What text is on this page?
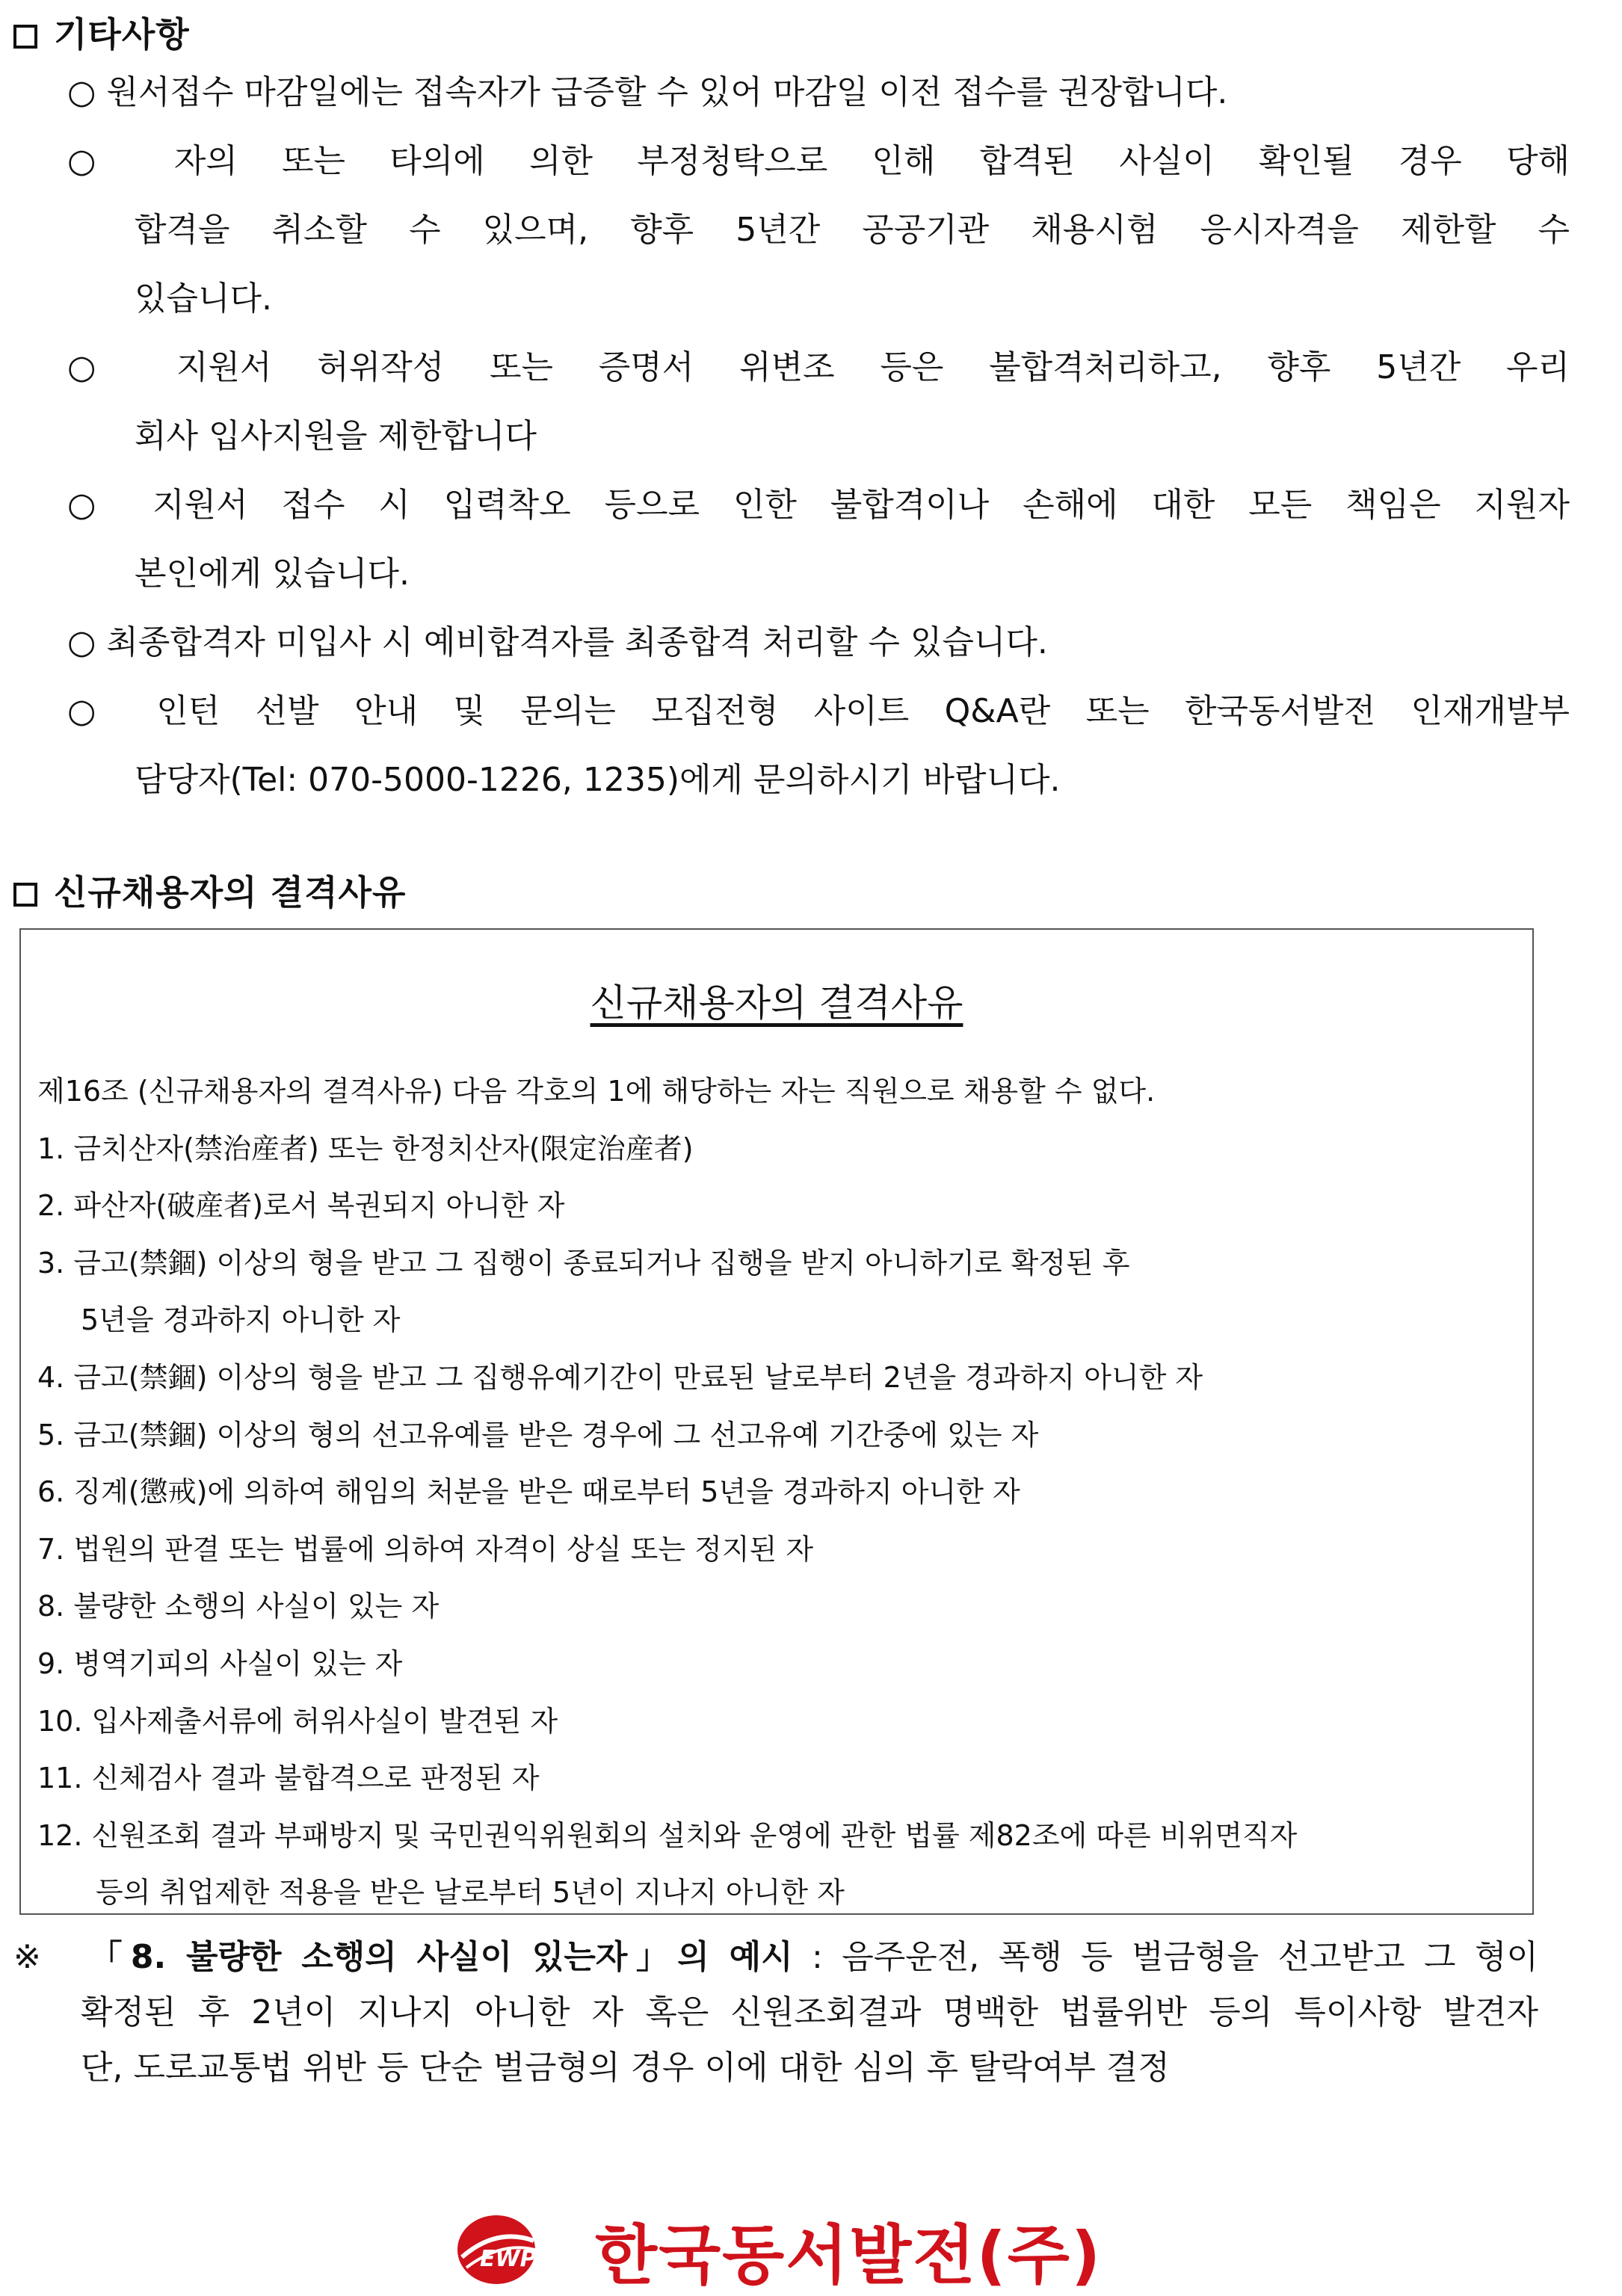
기타사항
○ 원서접수 마감일에는 접속자가 급증할 수 있어 마감일 이전 접수를 권장합니다.
○ 자의 또는 타의에 의한 부정청탁으로 인해 합격된 사실이 확인될 경우 당해
합격을 취소할 수 있으며, 향후 5년간 공공기관 채용시험 응시자격을 제한할 수
있습니다.
○ 지원서 허위작성 또는 증명서 위변조 등은 불합격처리하고, 향후 5년간 우리
회사 입사지원을 제한합니다
○ 지원서 접수 시 입력착오 등으로 인한 불합격이나 손해에 대한 모든 책임은 지원자
본인에게 있습니다.
○ 최종합격자 미입사 시 예비합격자를 최종합격 처리할 수 있습니다.
○ 인턴 선발 안내 및 문의는 모집전형 사이트 Q&A란 또는 한국동서발전 인재개발부
담당자(Tel: 070-5000-1226, 1235)에게 문의하시기 바랍니다.
신규채용자의 결격사유
신규채용자의 결격사유
제16조 (신규채용자의 결격사유) 다음 각호의 1에 해당하는 자는 직원으로 채용할 수 없다.
1. 금치산자(禁治産者) 또는 한정치산자(限定治産者)
2. 파산자(破産者)로서 복권되지 아니한 자
3. 금고(禁錮) 이상의 형을 받고 그 집행이 종료되거나 집행을 받지 아니하기로 확정된 후
5년을 경과하지 아니한 자
4. 금고(禁錮) 이상의 형을 받고 그 집행유예기간이 만료된 날로부터 2년을 경과하지 아니한 자
5. 금고(禁錮) 이상의 형의 선고유예를 받은 경우에 그 선고유예 기간중에 있는 자
6. 징계(懲戒)에 의하여 해임의 처분을 받은 때로부터 5년을 경과하지 아니한 자
7. 법원의 판결 또는 법률에 의하여 자격이 상실 또는 정지된 자
8. 불량한 소행의 사실이 있는 자
9. 병역기피의 사실이 있는 자
10. 입사제출서류에 허위사실이 발견된 자
11. 신체검사 결과 불합격으로 판정된 자
12. 신원조회 결과 부패방지 및 국민권익위원회의 설치와 운영에 관한 법률 제82조에 따른 비위면직자
등의 취업제한 적용을 받은 날로부터 5년이 지나지 아니한 자
※ 「8. 불량한 소행의 사실이 있는자」의 예시 : 음주운전, 폭행 등 벌금형을 선고받고 그 형이
확정된 후 2년이 지나지 아니한 자 혹은 신원조회결과 명백한 법률위반 등의 특이사항 발견자
단, 도로교통법 위반 등 단순 벌금형의 경우 이에 대한 심의 후 탈락여부 결정
EWP 한국동서발전(주)
